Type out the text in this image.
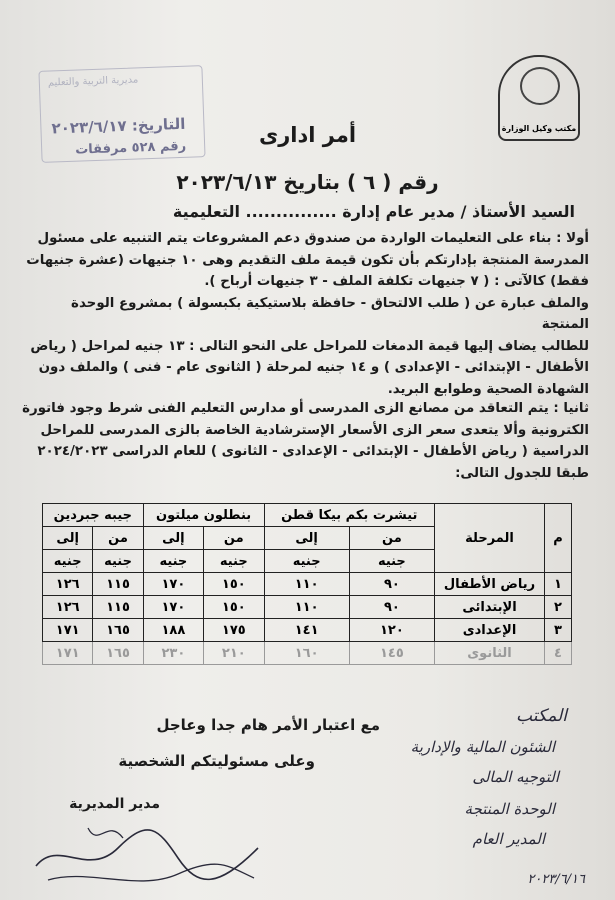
مديرية التربية والتعليم
التاريخ: ٢٠٢٣/٦/١٧
رقم ٥٢٨ مرفقات
مكتب وكيل الوزارة
أمر ادارى
رقم ( ٦ ) بتاريخ ٢٠٢٣/٦/١٣
السيد الأستاذ / مدير عام إدارة ............... التعليمية
أولا : بناء على التعليمات الواردة من صندوق دعم المشروعات يتم التنبيه على مسئول
المدرسة المنتجة بإدارتكم بأن تكون قيمة ملف التقديم وهى ١٠ جنيهات (عشرة جنيهات
فقط) كالآتى : ( ٧ جنيهات تكلفة الملف - ٣ جنيهات أرباح ).
والملف عبارة عن ( طلب الالتحاق - حافظة بلاستيكية بكبسولة ) بمشروع الوحدة المنتجة
للطالب يضاف إليها قيمة الدمغات للمراحل على النحو التالى : ١٣ جنيه لمراحل ( رياض
الأطفال - الإبتدائى - الإعدادى ) و ١٤ جنيه لمرحلة ( الثانوى عام - فنى ) والملف دون
الشهادة الصحية وطوابع البريد.
ثانيا : يتم التعاقد من مصانع الزى المدرسى أو مدارس التعليم الفنى شرط وجود فاتورة
الكترونية وألا يتعدى سعر الزى الأسعار الإسترشادية الخاصة بالزى المدرسى للمراحل
الدراسية ( رياض الأطفال - الإبتدائى - الإعدادى - الثانوى ) للعام الدراسى ٢٠٢٤/٢٠٢٣
طبقا للجدول التالى:
م	المرحلة	تيشرت بكم بيكا قطن		بنطلون ميلتون		جيبه جبردين	
		من	إلى	من	إلى	من	إلى
		جنيه	جنيه	جنيه	جنيه	جنيه	جنيه
١	رياض الأطفال	٩٠	١١٠	١٥٠	١٧٠	١١٥	١٢٦
٢	الإبتدائى	٩٠	١١٠	١٥٠	١٧٠	١١٥	١٢٦
٣	الإعدادى	١٢٠	١٤١	١٧٥	١٨٨	١٦٥	١٧١
٤	الثانوى	١٤٥	١٦٠	٢١٠	٢٣٠	١٦٥	١٧١
مع اعتبار الأمر هام جدا وعاجل
وعلى مسئوليتكم الشخصية
مدير المديرية
المكتب
الشئون المالية والإدارية
التوجيه المالى
الوحدة المنتجة
المدير العام
٢٠٢٣/٦/١٦
